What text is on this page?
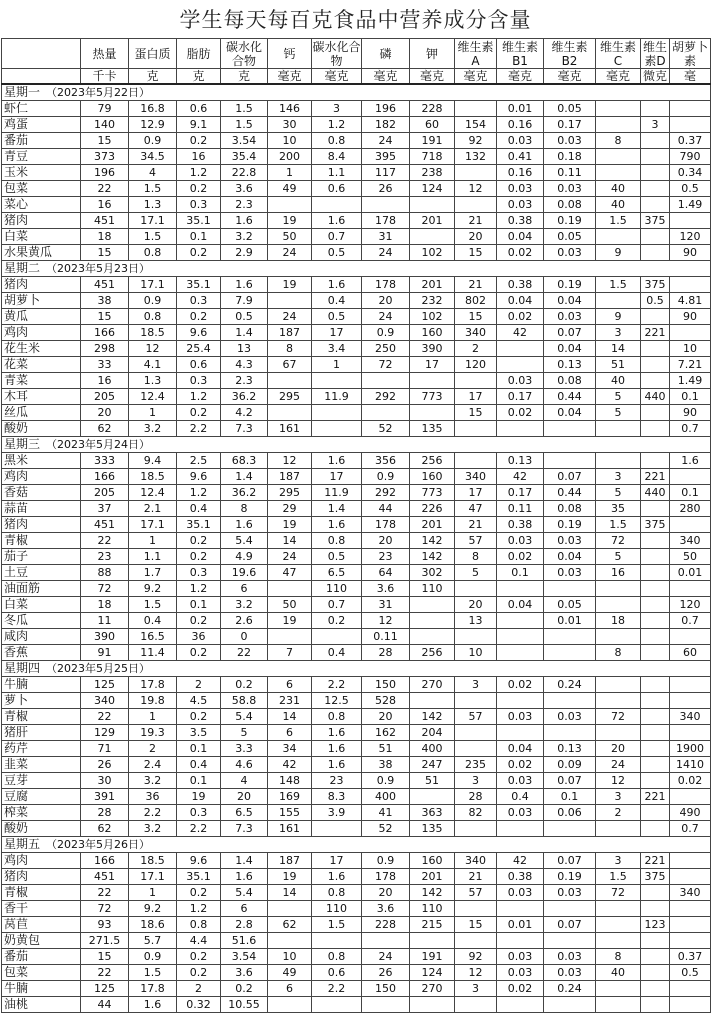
学生每天每百克食品中营养成分含量
	热量	蛋白质	脂肪	碳水化合物	钙	碳水化合物	磷	钾	维生素A	维生素B1	维生素B2	维生素C	维生素D	胡萝卜素
	千卡	克	克	克	毫克	毫克	毫克	毫克	毫克	毫克	毫克	毫克	微克	毫
星期一 （2023年5月22日）														
虾仁	79	16.8	0.6	1.5	146	3	196	228		0.01	0.05			
鸡蛋	140	12.9	9.1	1.5	30	1.2	182	60	154	0.16	0.17		3	
番茄	15	0.9	0.2	3.54	10	0.8	24	191	92	0.03	0.03	8		0.37
青豆	373	34.5	16	35.4	200	8.4	395	718	132	0.41	0.18			790
玉米	196	4	1.2	22.8	1	1.1	117	238		0.16	0.11			0.34
包菜	22	1.5	0.2	3.6	49	0.6	26	124	12	0.03	0.03	40		0.5
菜心	16	1.3	0.3	2.3						0.03	0.08	40		1.49
猪肉	451	17.1	35.1	1.6	19	1.6	178	201	21	0.38	0.19	1.5	375	
白菜	18	1.5	0.1	3.2	50	0.7	31		20	0.04	0.05			120
水果黄瓜	15	0.8	0.2	2.9	24	0.5	24	102	15	0.02	0.03	9		90
星期二 （2023年5月23日）														
猪肉	451	17.1	35.1	1.6	19	1.6	178	201	21	0.38	0.19	1.5	375	
胡萝卜	38	0.9	0.3	7.9		0.4	20	232	802	0.04	0.04		0.5	4.81
黄瓜	15	0.8	0.2	0.5	24	0.5	24	102	15	0.02	0.03	9		90
鸡肉	166	18.5	9.6	1.4	187	17	0.9	160	340	42	0.07	3	221	
花生米	298	12	25.4	13	8	3.4	250	390	2		0.04	14		10
花菜	33	4.1	0.6	4.3	67	1	72	17	120		0.13	51		7.21
青菜	16	1.3	0.3	2.3						0.03	0.08	40		1.49
木耳	205	12.4	1.2	36.2	295	11.9	292	773	17	0.17	0.44	5	440	0.1
丝瓜	20	1	0.2	4.2					15	0.02	0.04	5		90
酸奶	62	3.2	2.2	7.3	161		52	135						0.7
星期三 （2023年5月24日）														
黑米	333	9.4	2.5	68.3	12	1.6	356	256		0.13				1.6
鸡肉	166	18.5	9.6	1.4	187	17	0.9	160	340	42	0.07	3	221	
香菇	205	12.4	1.2	36.2	295	11.9	292	773	17	0.17	0.44	5	440	0.1
蒜苗	37	2.1	0.4	8	29	1.4	44	226	47	0.11	0.08	35		280
猪肉	451	17.1	35.1	1.6	19	1.6	178	201	21	0.38	0.19	1.5	375	
青椒	22	1	0.2	5.4	14	0.8	20	142	57	0.03	0.03	72		340
茄子	23	1.1	0.2	4.9	24	0.5	23	142	8	0.02	0.04	5		50
土豆	88	1.7	0.3	19.6	47	6.5	64	302	5	0.1	0.03	16		0.01
油面筋	72	9.2	1.2	6		110	3.6	110						
白菜	18	1.5	0.1	3.2	50	0.7	31		20	0.04	0.05			120
冬瓜	11	0.4	0.2	2.6	19	0.2	12		13		0.01	18		0.7
咸肉	390	16.5	36	0			0.11							
香蕉	91	11.4	0.2	22	7	0.4	28	256	10			8		60
星期四 （2023年5月25日）														
牛腩	125	17.8	2	0.2	6	2.2	150	270	3	0.02	0.24			
萝卜	340	19.8	4.5	58.8	231	12.5	528							
青椒	22	1	0.2	5.4	14	0.8	20	142	57	0.03	0.03	72		340
猪肝	129	19.3	3.5	5	6	1.6	162	204						
药芹	71	2	0.1	3.3	34	1.6	51	400		0.04	0.13	20		1900
韭菜	26	2.4	0.4	4.6	42	1.6	38	247	235	0.02	0.09	24		1410
豆芽	30	3.2	0.1	4	148	23	0.9	51	3	0.03	0.07	12		0.02
豆腐	391	36	19	20	169	8.3	400		28	0.4	0.1	3	221	
榨菜	28	2.2	0.3	6.5	155	3.9	41	363	82	0.03	0.06	2		490
酸奶	62	3.2	2.2	7.3	161		52	135						0.7
星期五 （2023年5月26日）														
鸡肉	166	18.5	9.6	1.4	187	17	0.9	160	340	42	0.07	3	221	
猪肉	451	17.1	35.1	1.6	19	1.6	178	201	21	0.38	0.19	1.5	375	
青椒	22	1	0.2	5.4	14	0.8	20	142	57	0.03	0.03	72		340
香干	72	9.2	1.2	6		110	3.6	110						
莴苣	93	18.6	0.8	2.8	62	1.5	228	215	15	0.01	0.07		123	
奶黄包	271.5	5.7	4.4	51.6										
番茄	15	0.9	0.2	3.54	10	0.8	24	191	92	0.03	0.03	8		0.37
包菜	22	1.5	0.2	3.6	49	0.6	26	124	12	0.03	0.03	40		0.5
牛腩	125	17.8	2	0.2	6	2.2	150	270	3	0.02	0.24			
油桃	44	1.6	0.32	10.55										
